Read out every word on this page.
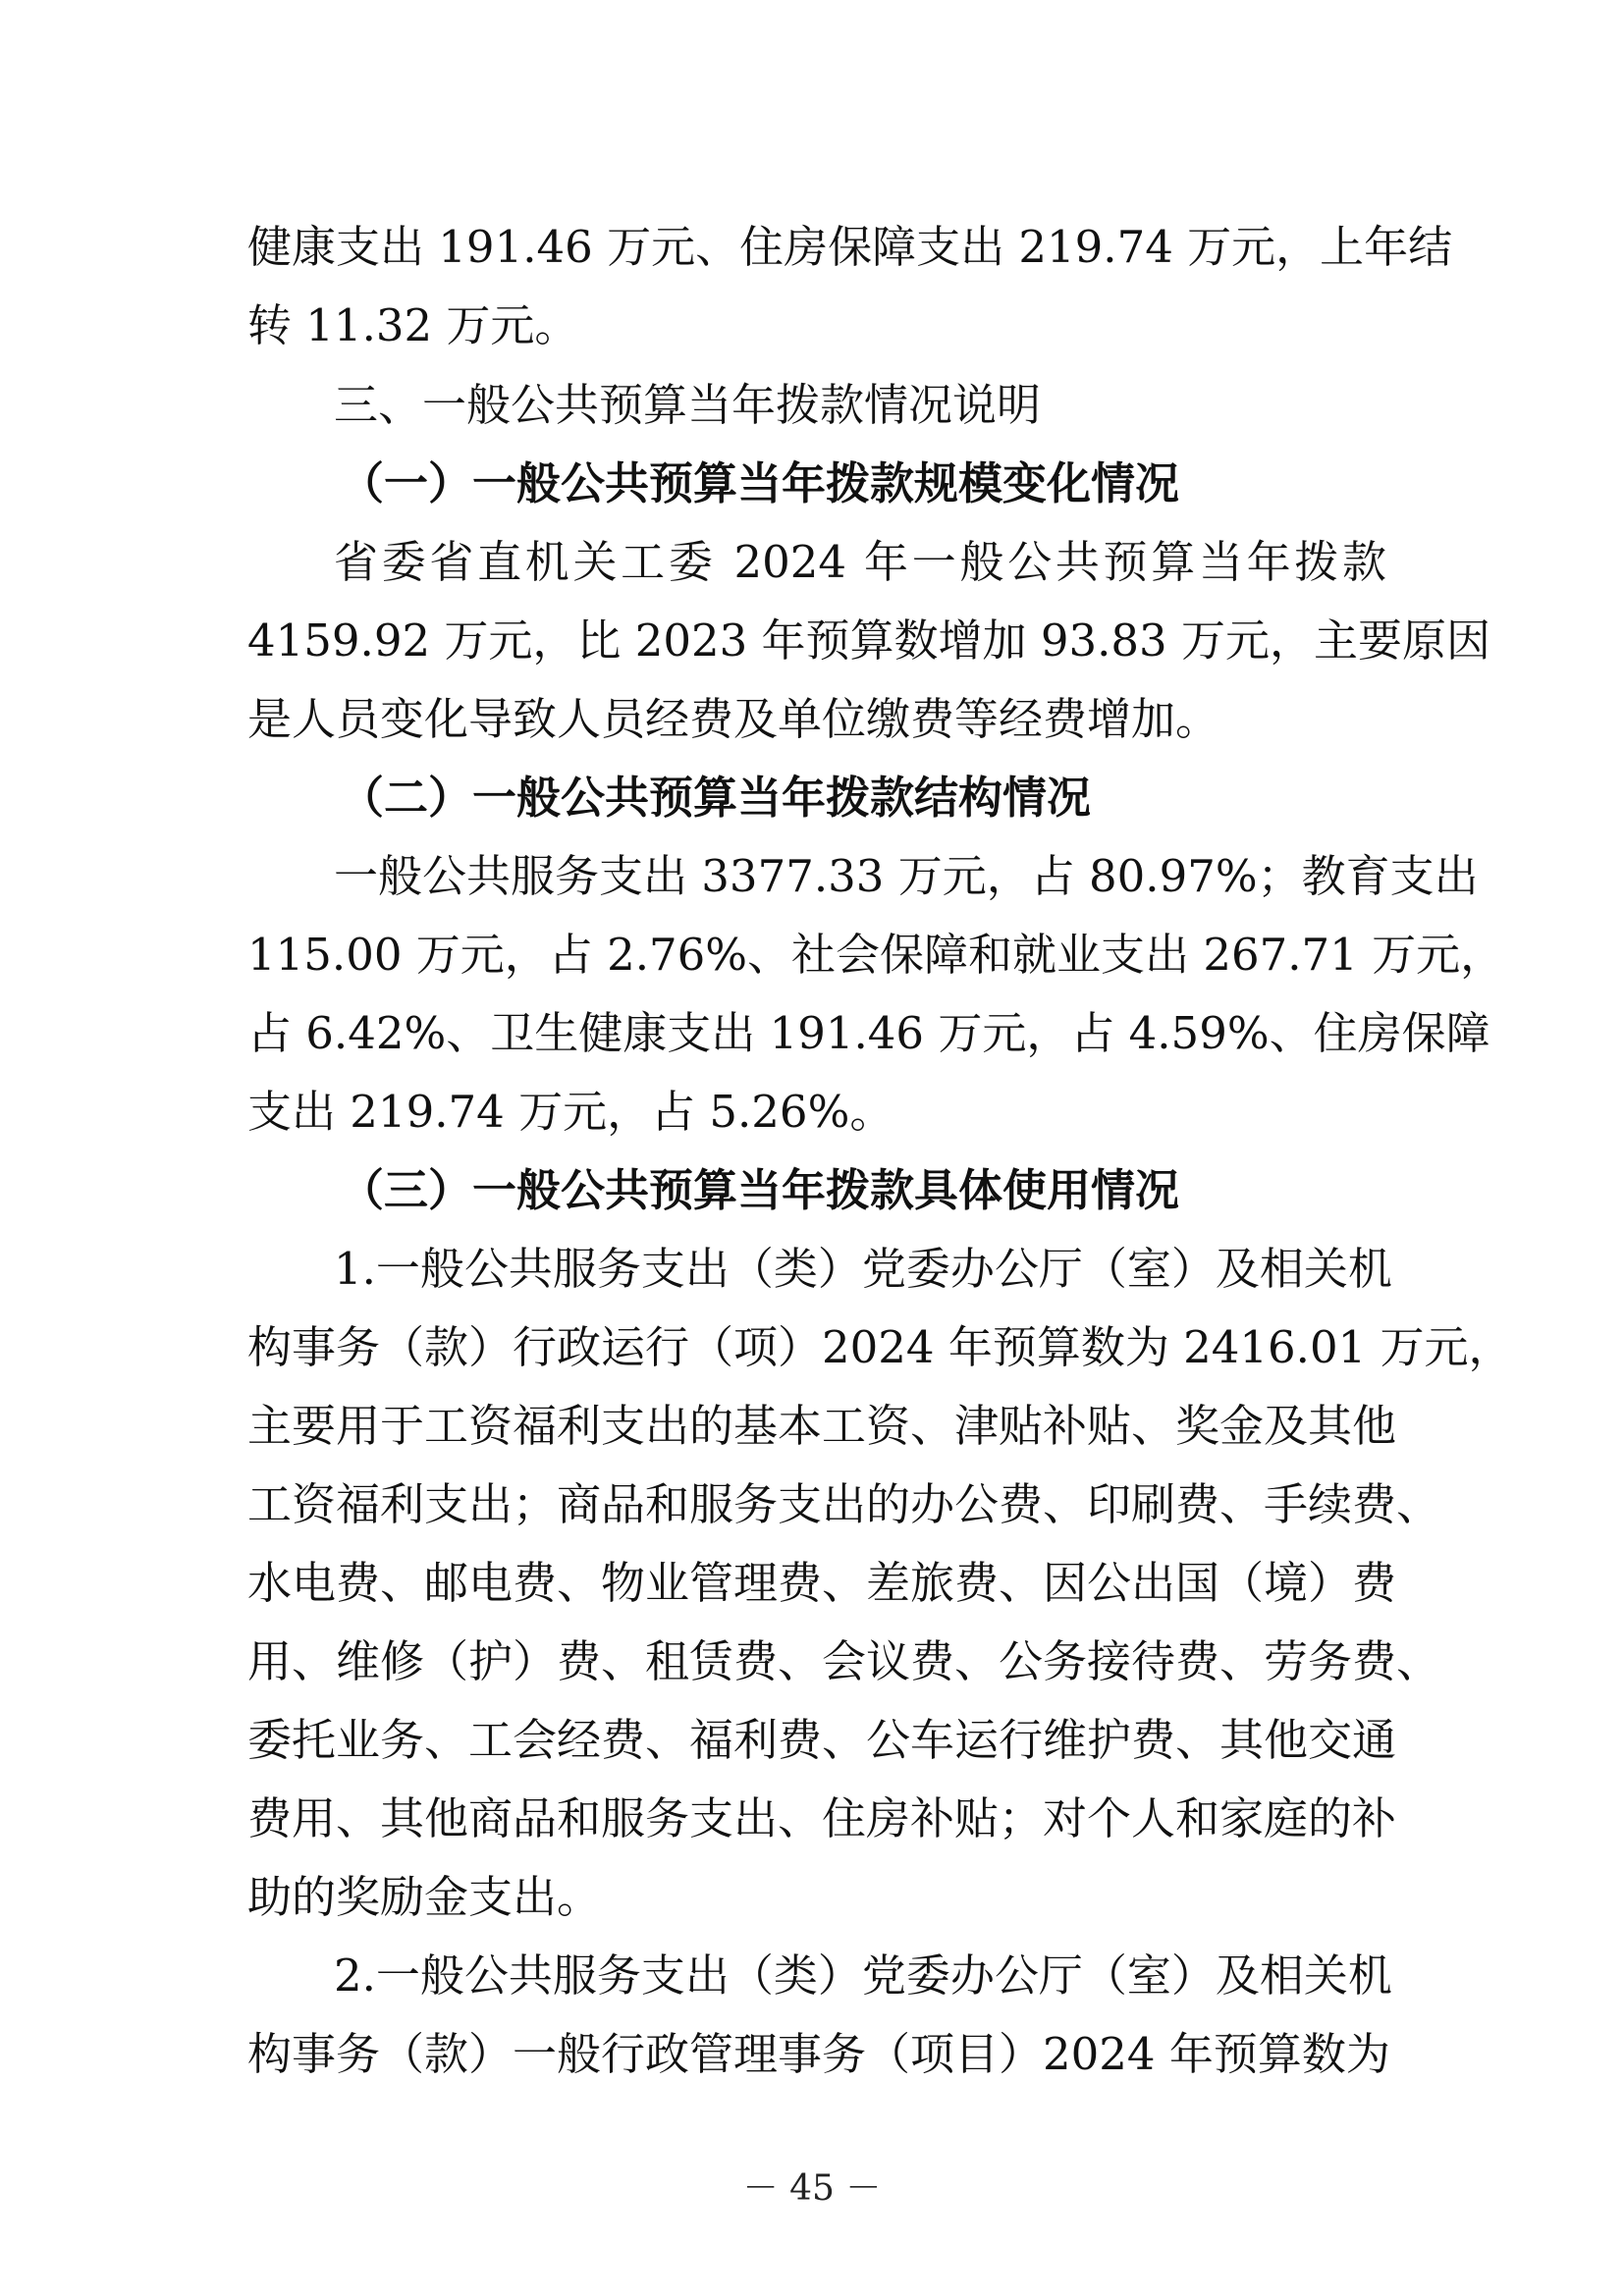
健康支出 191.46 万元、住房保障支出 219.74 万元，上年结
转 11.32 万元。
三、一般公共预算当年拨款情况说明
（一）一般公共预算当年拨款规模变化情况
省委省直机关工委 2024 年一般公共预算当年拨款
4159.92 万元，比 2023 年预算数增加 93.83 万元，主要原因
是人员变化导致人员经费及单位缴费等经费增加。
（二）一般公共预算当年拨款结构情况
一般公共服务支出 3377.33 万元，占 80.97%；教育支出
115.00 万元，占 2.76%、社会保障和就业支出 267.71 万元，
占 6.42%、卫生健康支出 191.46 万元，占 4.59%、住房保障
支出 219.74 万元，占 5.26%。
（三）一般公共预算当年拨款具体使用情况
1.一般公共服务支出（类）党委办公厅（室）及相关机
构事务（款）行政运行（项）2024 年预算数为 2416.01 万元，
主要用于工资福利支出的基本工资、津贴补贴、奖金及其他
工资福利支出；商品和服务支出的办公费、印刷费、手续费、
水电费、邮电费、物业管理费、差旅费、因公出国（境）费
用、维修（护）费、租赁费、会议费、公务接待费、劳务费、
委托业务、工会经费、福利费、公车运行维护费、其他交通
费用、其他商品和服务支出、住房补贴；对个人和家庭的补
助的奖励金支出。
2.一般公共服务支出（类）党委办公厅（室）及相关机
构事务（款）一般行政管理事务（项目）2024 年预算数为
－ 45 －
